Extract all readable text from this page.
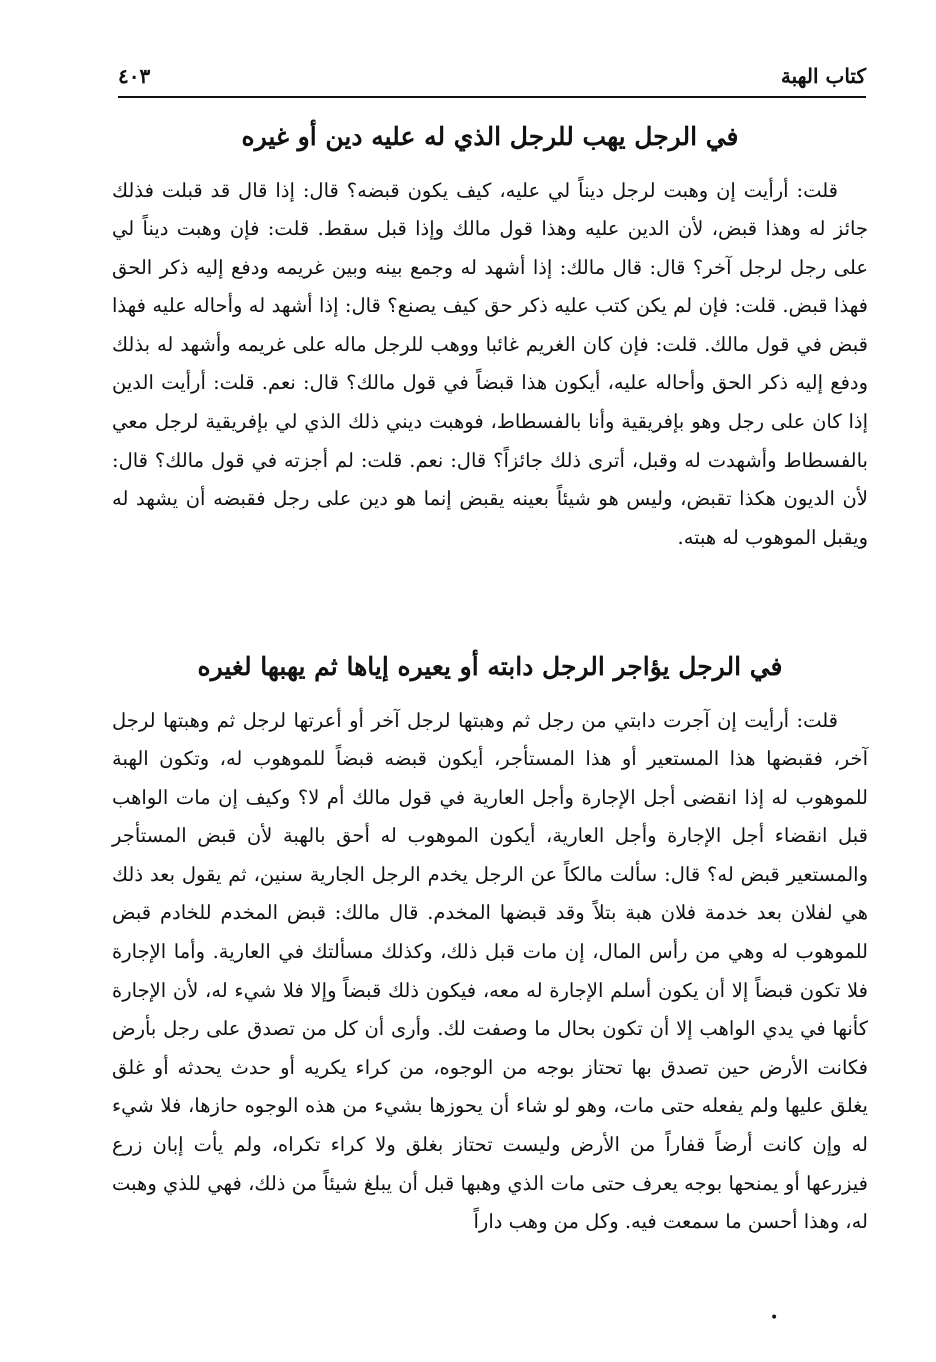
كتاب الهبة
٤٠٣
في الرجل يهب للرجل الذي له عليه دين أو غيره

قلت: أرأيت إن وهبت لرجل ديناً لي عليه، كيف يكون قبضه؟ قال: إذا قال قد قبلت فذلك جائز له وهذا قبض، لأن الدين عليه وهذا قول مالك وإذا قبل سقط. قلت: فإن وهبت ديناً لي على رجل لرجل آخر؟ قال: قال مالك: إذا أشهد له وجمع بينه وبين غريمه ودفع إليه ذكر الحق فهذا قبض. قلت: فإن لم يكن كتب عليه ذكر حق كيف يصنع؟ قال: إذا أشهد له وأحاله عليه فهذا قبض في قول مالك. قلت: فإن كان الغريم غائبا ووهب للرجل ماله على غريمه وأشهد له بذلك ودفع إليه ذكر الحق وأحاله عليه، أيكون هذا قبضاً في قول مالك؟ قال: نعم. قلت: أرأيت الدين إذا كان على رجل وهو بإفريقية وأنا بالفسطاط، فوهبت ديني ذلك الذي لي بإفريقية لرجل معي بالفسطاط وأشهدت له وقبل، أترى ذلك جائزاً؟ قال: نعم. قلت: لم أجزته في قول مالك؟ قال: لأن الديون هكذا تقبض، وليس هو شيئاً بعينه يقبض إنما هو دين على رجل فقبضه أن يشهد له ويقبل الموهوب له هبته.

في الرجل يؤاجر الرجل دابته أو يعيره إياها ثم يهبها لغيره

قلت: أرأيت إن آجرت دابتي من رجل ثم وهبتها لرجل آخر أو أعرتها لرجل ثم وهبتها لرجل آخر، فقبضها هذا المستعير أو هذا المستأجر، أيكون قبضه قبضاً للموهوب له، وتكون الهبة للموهوب له إذا انقضى أجل الإجارة وأجل العارية في قول مالك أم لا؟ وكيف إن مات الواهب قبل انقضاء أجل الإجارة وأجل العارية، أيكون الموهوب له أحق بالهبة لأن قبض المستأجر والمستعير قبض له؟ قال: سألت مالكاً عن الرجل يخدم الرجل الجارية سنين، ثم يقول بعد ذلك هي لفلان بعد خدمة فلان هبة بتلاً وقد قبضها المخدم. قال مالك: قبض المخدم للخادم قبض للموهوب له وهي من رأس المال، إن مات قبل ذلك، وكذلك مسألتك في العارية. وأما الإجارة فلا تكون قبضاً إلا أن يكون أسلم الإجارة له معه، فيكون ذلك قبضاً وإلا فلا شيء له، لأن الإجارة كأنها في يدي الواهب إلا أن تكون بحال ما وصفت لك. وأرى أن كل من تصدق على رجل بأرض فكانت الأرض حين تصدق بها تحتاز بوجه من الوجوه، من كراء يكريه أو حدث يحدثه أو غلق يغلق عليها ولم يفعله حتى مات، وهو لو شاء أن يحوزها بشيء من هذه الوجوه حازها، فلا شيء له وإن كانت أرضاً قفاراً من الأرض وليست تحتاز بغلق ولا كراء تكراه، ولم يأت إبان زرع فيزرعها أو يمنحها بوجه يعرف حتى مات الذي وهبها قبل أن يبلغ شيئاً من ذلك، فهي للذي وهبت له، وهذا أحسن ما سمعت فيه. وكل من وهب داراً

•
